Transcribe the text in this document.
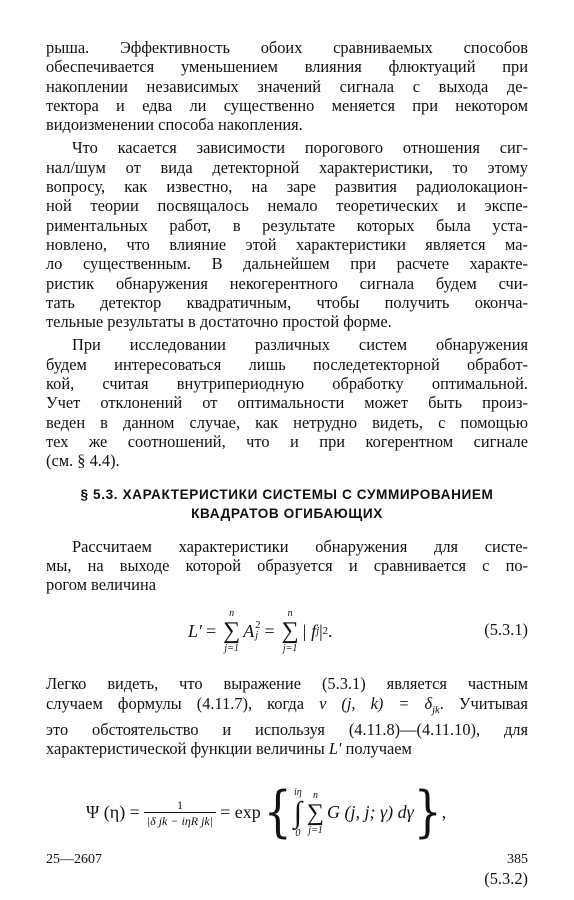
рыша. Эффективность обоих сравниваемых способов

обеспечивается уменьшением влияния флюктуаций при

накоплении независимых значений сигнала с выхода де-

тектора и едва ли существенно меняется при некотором

видоизменении способа накопления.

Что касается зависимости порогового отношения сиг-

нал/шум от вида детекторной характеристики, то этому

вопросу, как известно, на заре развития радиолокацион-

ной теории посвящалось немало теоретических и экспе-

риментальных работ, в результате которых была уста-

новлено, что влияние этой характеристики является ма-

ло существенным. В дальнейшем при расчете характе-

ристик обнаружения некогерентного сигнала будем счи-

тать детектор квадратичным, чтобы получить оконча-

тельные результаты в достаточно простой форме.

При исследовании различных систем обнаружения

будем интересоваться лишь последетекторной обработ-

кой, считая внутрипериодную обработку оптимальной.

Учет отклонений от оптимальности может быть произ-

веден в данном случае, как нетрудно видеть, с помощью

тех же соотношений, что и при когерентном сигнале

(см. § 4.4).

§ 5.3. ХАРАКТЕРИСТИКИ СИСТЕМЫ С СУММИРОВАНИЕМ
КВАДРАТОВ ОГИБАЮЩИХ

Рассчитаем характеристики обнаружения для систе-

мы, на выходе которой образуется и сравнивается с по-

рогом величина

L′ =
n
∑
j=1
A 2
j =
n
∑
j=1
| f j | 2 .	(5.3.1)

Легко видеть, что выражение (5.3.1) является частным

случаем формулы (4.11.7), когда v (j, $k) = \delta_{jk}$. Учитывая

это обстоятельство и используя (4.11.8)—(4.11.10), для

характеристической функции величины L′ получаем

Ψ $(\eta) = \frac{1}{\text{|δ jk − iηR jk|}} = \exp$ { iη
∫
0
n
∑
j=1
G (j, j; γ) dγ } ,
(5.3.2)
25—2607	385
